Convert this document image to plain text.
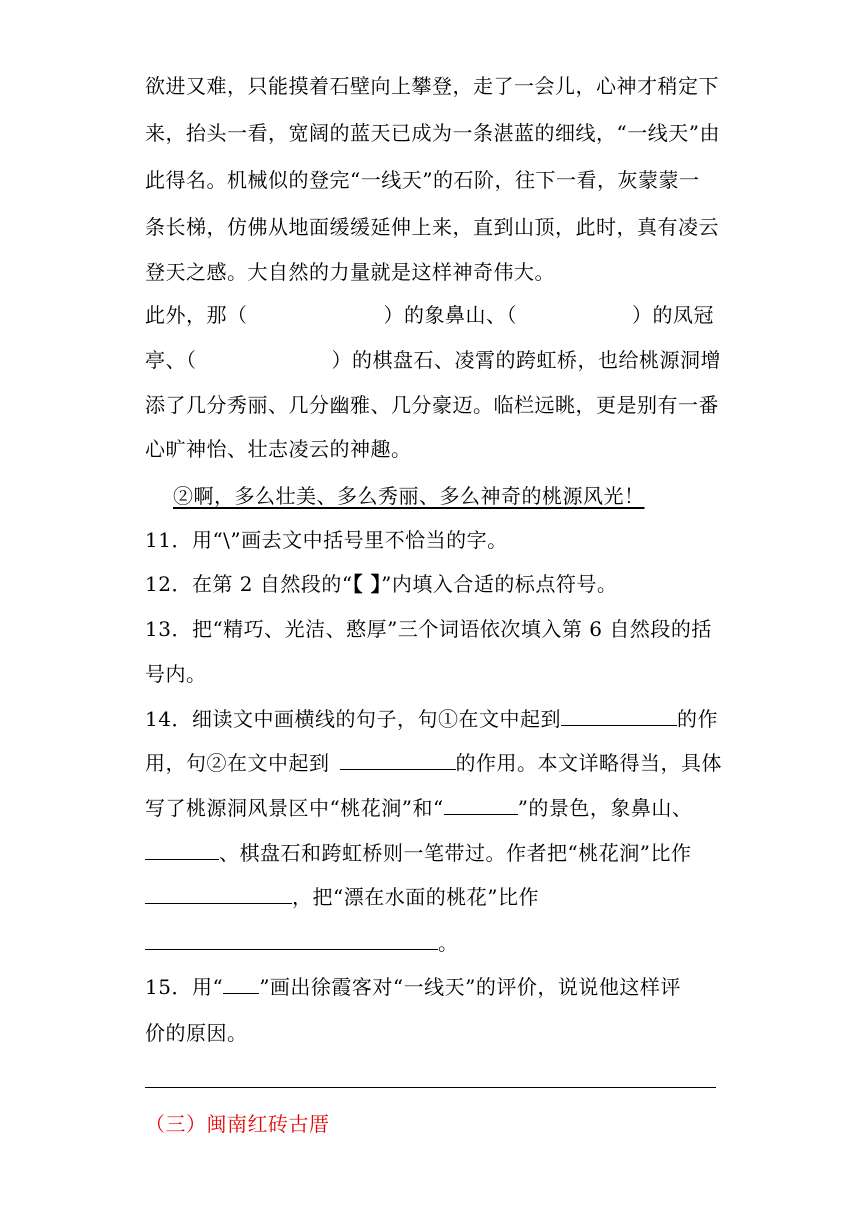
欲进又难，只能摸着石壁向上攀登，走了一会儿，心神才稍定下
来，抬头一看，宽阔的蓝天已成为一条湛蓝的细线，“一线天”由
此得名。机械似的登完“一线天”的石阶，往下一看，灰蒙蒙一
条长梯，仿佛从地面缓缓延伸上来，直到山顶，此时，真有凌云
登天之感。大自然的力量就是这样神奇伟大。
此外，那（	）的象鼻山、（	）的凤冠
亭、（	）的棋盘石、凌霄的跨虹桥，也给桃源洞增
添了几分秀丽、几分幽雅、几分豪迈。临栏远眺，更是别有一番
心旷神怡、壮志凌云的神趣。
②啊，多么壮美、多么秀丽、多么神奇的桃源风光！
11．用“\”画去文中括号里不恰当的字。
12．在第 2 自然段的“【 】”内填入合适的标点符号。
13．把“精巧、光洁、憨厚”三个词语依次填入第 6 自然段的括
号内。
14．细读文中画横线的句子，句①在文中起到	的作
用，句②在文中起到	的作用。本文详略得当，具体
写了桃源洞风景区中“桃花涧”和“	”的景色，象鼻山、
、棋盘石和跨虹桥则一笔带过。作者把“桃花涧”比作
，把“漂在水面的桃花”比作
。
15．用“ ”画出徐霞客对“一线天”的评价，说说他这样评
价的原因。
（三）闽南红砖古厝
